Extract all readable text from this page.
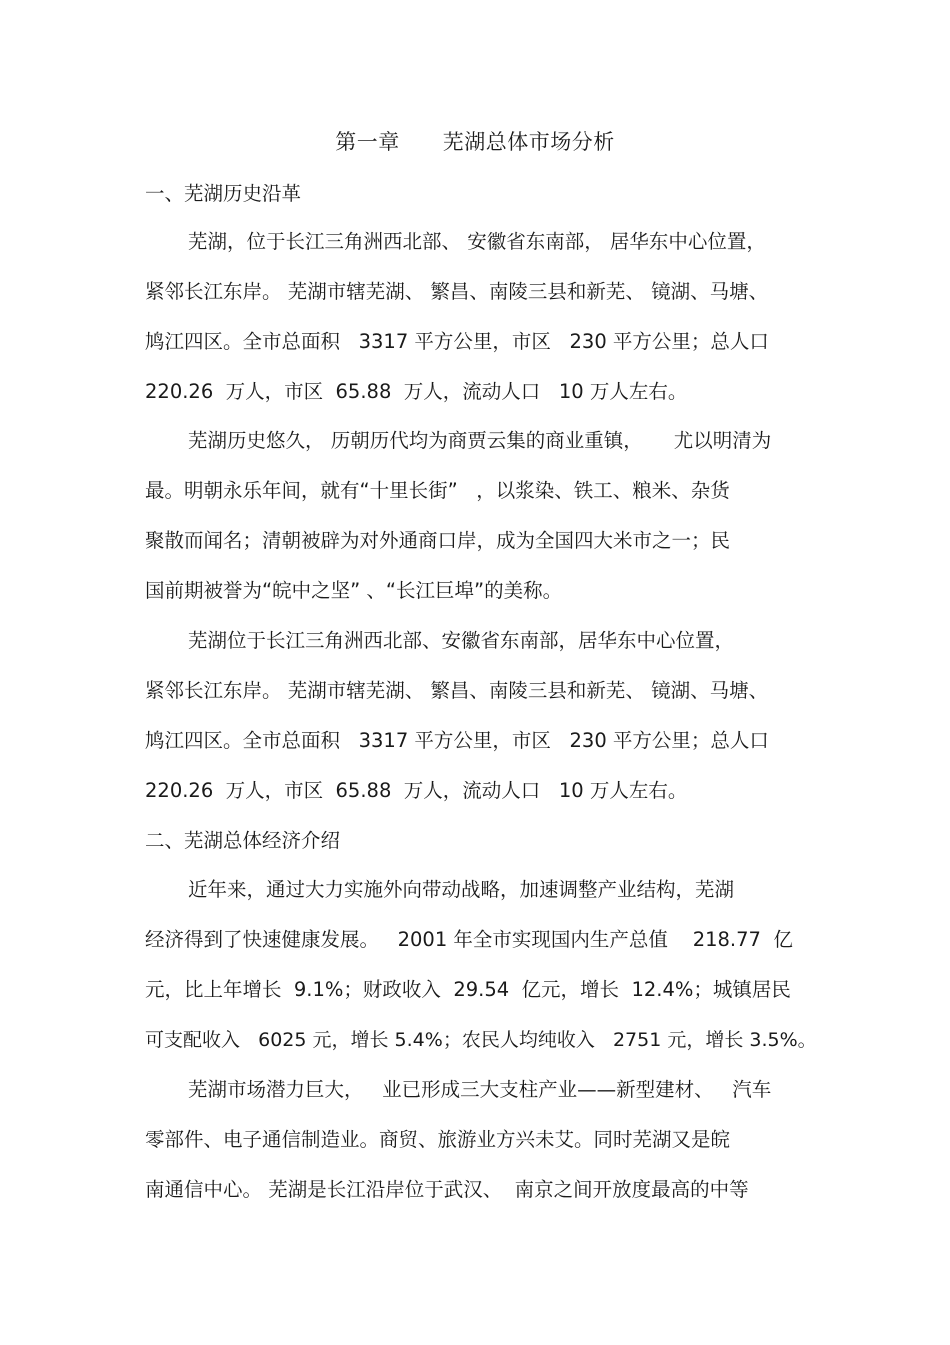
第一章      芜湖总体市场分析
一、芜湖历史沿革
芜湖，位于长江三角洲西北部、 安徽省东南部， 居华东中心位置，
紧邻长江东岸。 芜湖市辖芜湖、 繁昌、南陵三县和新芜、 镜湖、马塘、
鸠江四区。全市总面积   3317 平方公里，市区   230 平方公里；总人口
220.26  万人，市区  65.88  万人，流动人口   10 万人左右。
芜湖历史悠久， 历朝历代均为商贾云集的商业重镇，     尤以明清为
最。明朝永乐年间，就有“十里长街”   ，以浆染、铁工、粮米、杂货
聚散而闻名；清朝被辟为对外通商口岸，成为全国四大米市之一；民
国前期被誉为“皖中之坚” 、“长江巨埠”的美称。
芜湖位于长江三角洲西北部、安徽省东南部，居华东中心位置，
紧邻长江东岸。 芜湖市辖芜湖、 繁昌、南陵三县和新芜、 镜湖、马塘、
鸠江四区。全市总面积   3317 平方公里，市区   230 平方公里；总人口
220.26  万人，市区  65.88  万人，流动人口   10 万人左右。
二、芜湖总体经济介绍
近年来，通过大力实施外向带动战略，加速调整产业结构，芜湖
经济得到了快速健康发展。   2001 年全市实现国内生产总值    218.77  亿
元，比上年增长  9.1%；财政收入  29.54  亿元，增长  12.4%；城镇居民
可支配收入   6025 元，增长 5.4%；农民人均纯收入   2751 元，增长 3.5%。
芜湖市场潜力巨大，   业已形成三大支柱产业——新型建材、   汽车
零部件、电子通信制造业。商贸、旅游业方兴未艾。同时芜湖又是皖
南通信中心。 芜湖是长江沿岸位于武汉、  南京之间开放度最高的中等
